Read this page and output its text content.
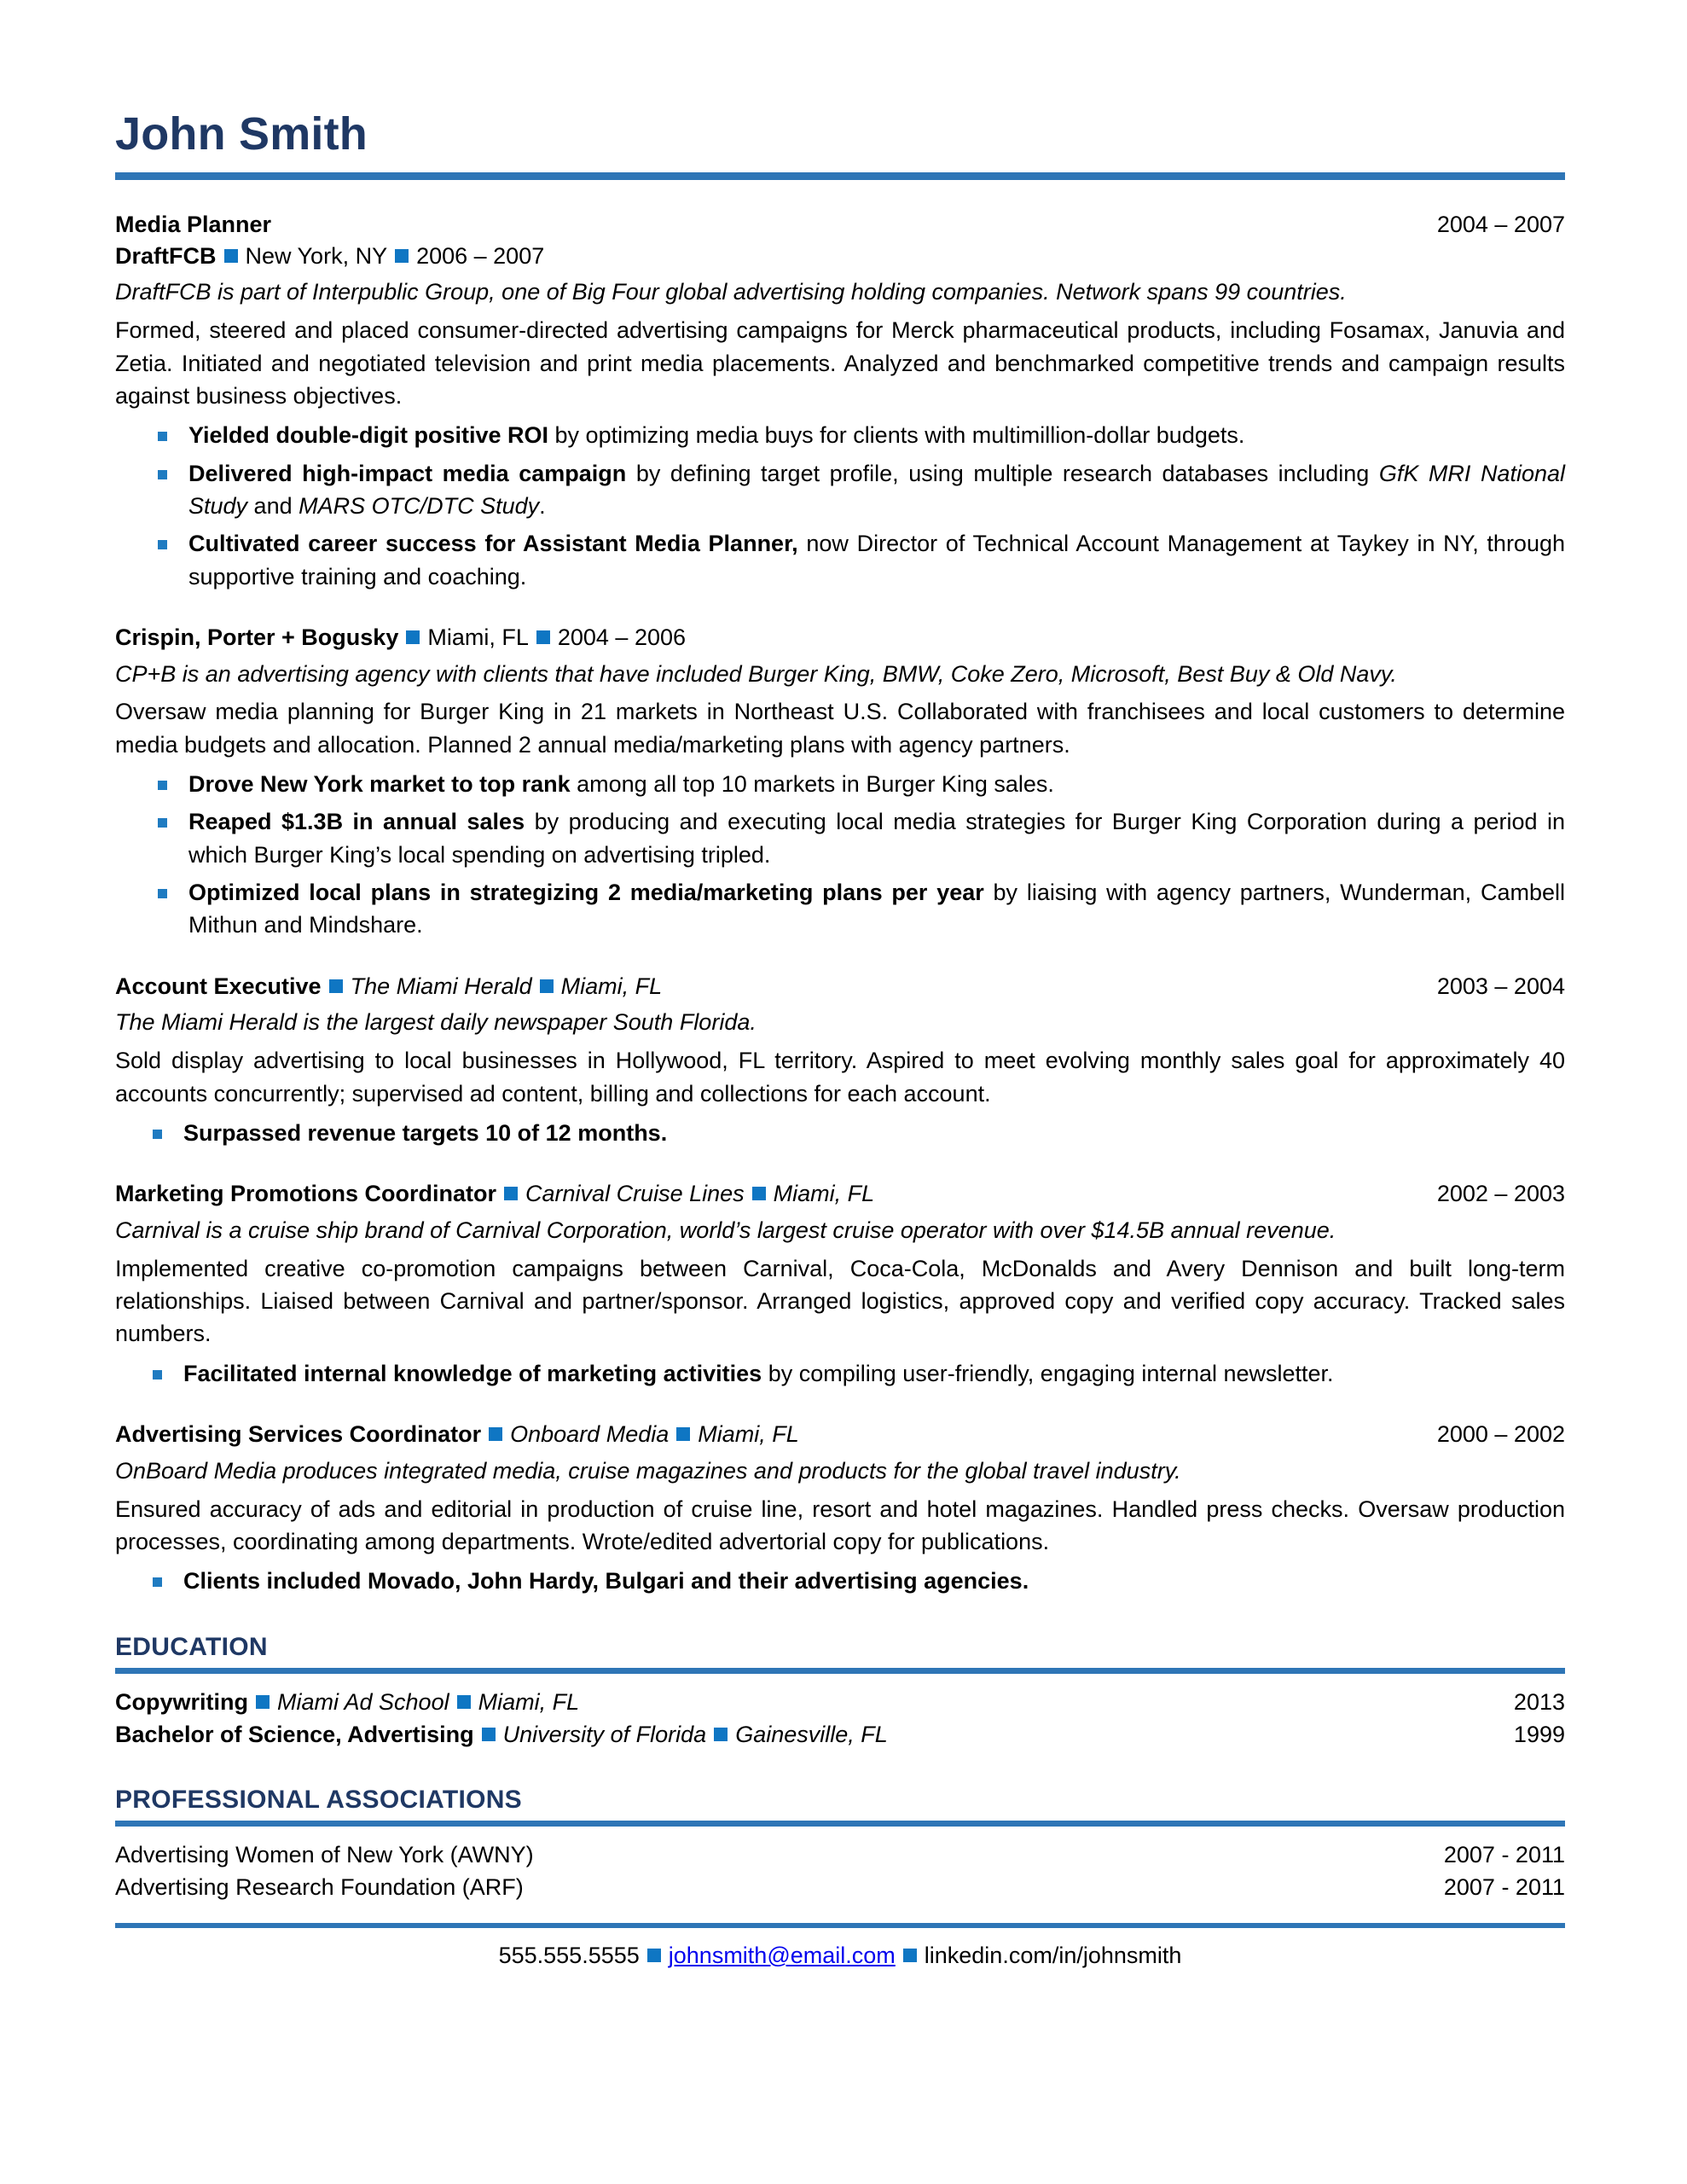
John Smith
Media Planner	2004 – 2007
DraftFCB New York, NY 2006 – 2007
DraftFCB is part of Interpublic Group, one of Big Four global advertising holding companies. Network spans 99 countries.
Formed, steered and placed consumer-directed advertising campaigns for Merck pharmaceutical products, including Fosamax, Januvia and Zetia. Initiated and negotiated television and print media placements. Analyzed and benchmarked competitive trends and campaign results against business objectives.
Yielded double-digit positive ROI by optimizing media buys for clients with multimillion-dollar budgets.
Delivered high-impact media campaign by defining target profile, using multiple research databases including GfK MRI National Study and MARS OTC/DTC Study.
Cultivated career success for Assistant Media Planner, now Director of Technical Account Management at Taykey in NY, through supportive training and coaching.
Crispin, Porter + Bogusky Miami, FL 2004 – 2006
CP+B is an advertising agency with clients that have included Burger King, BMW, Coke Zero, Microsoft, Best Buy & Old Navy.
Oversaw media planning for Burger King in 21 markets in Northeast U.S. Collaborated with franchisees and local customers to determine media budgets and allocation. Planned 2 annual media/marketing plans with agency partners.
Drove New York market to top rank among all top 10 markets in Burger King sales.
Reaped $1.3B in annual sales by producing and executing local media strategies for Burger King Corporation during a period in which Burger King’s local spending on advertising tripled.
Optimized local plans in strategizing 2 media/marketing plans per year by liaising with agency partners, Wunderman, Cambell Mithun and Mindshare.
Account Executive The Miami Herald Miami, FL	2003 – 2004
The Miami Herald is the largest daily newspaper South Florida.
Sold display advertising to local businesses in Hollywood, FL territory. Aspired to meet evolving monthly sales goal for approximately 40 accounts concurrently; supervised ad content, billing and collections for each account.
Surpassed revenue targets 10 of 12 months.
Marketing Promotions Coordinator Carnival Cruise Lines Miami, FL	2002 – 2003
Carnival is a cruise ship brand of Carnival Corporation, world’s largest cruise operator with over $14.5B annual revenue.
Implemented creative co-promotion campaigns between Carnival, Coca-Cola, McDonalds and Avery Dennison and built long-term relationships. Liaised between Carnival and partner/sponsor. Arranged logistics, approved copy and verified copy accuracy. Tracked sales numbers.
Facilitated internal knowledge of marketing activities by compiling user-friendly, engaging internal newsletter.
Advertising Services Coordinator Onboard Media Miami, FL	2000 – 2002
OnBoard Media produces integrated media, cruise magazines and products for the global travel industry.
Ensured accuracy of ads and editorial in production of cruise line, resort and hotel magazines. Handled press checks. Oversaw production processes, coordinating among departments. Wrote/edited advertorial copy for publications.
Clients included Movado, John Hardy, Bulgari and their advertising agencies.
EDUCATION
Copywriting Miami Ad School Miami, FL	2013
Bachelor of Science, Advertising University of Florida Gainesville, FL	1999
PROFESSIONAL ASSOCIATIONS
Advertising Women of New York (AWNY)	2007 - 2011
Advertising Research Foundation (ARF)	2007 - 2011
555.555.5555 johnsmith@email.com linkedin.com/in/johnsmith
